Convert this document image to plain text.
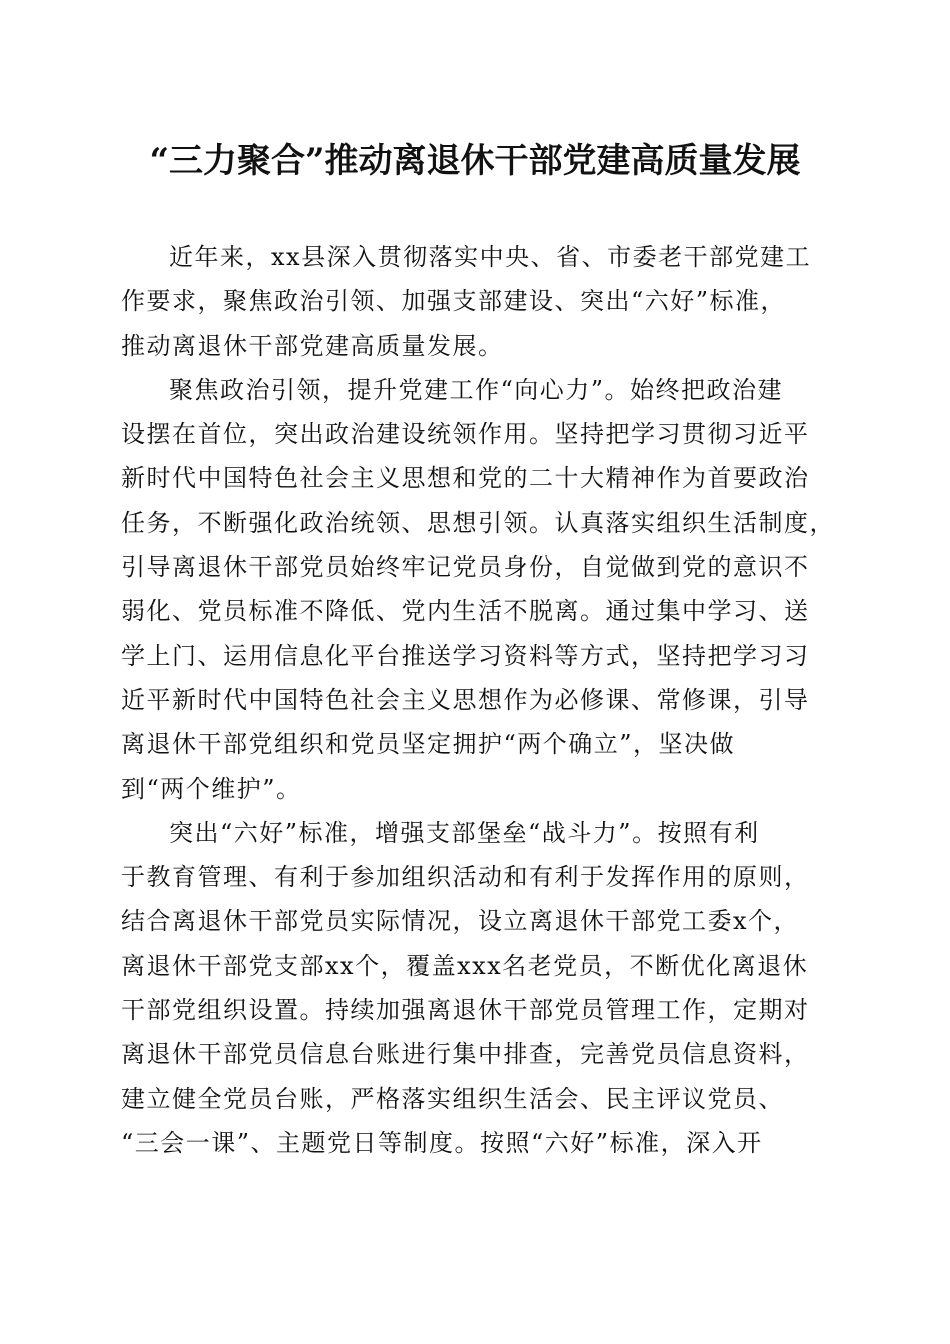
“三力聚合”推动离退休干部党建高质量发展
近年来，xx县深入贯彻落实中央、省、市委老干部党建工
作要求，聚焦政治引领、加强支部建设、突出“六好”标准，
推动离退休干部党建高质量发展。
聚焦政治引领，提升党建工作“向心力”。始终把政治建
设摆在首位，突出政治建设统领作用。坚持把学习贯彻习近平
新时代中国特色社会主义思想和党的二十大精神作为首要政治
任务，不断强化政治统领、思想引领。认真落实组织生活制度，
引导离退休干部党员始终牢记党员身份，自觉做到党的意识不
弱化、党员标准不降低、党内生活不脱离。通过集中学习、送
学上门、运用信息化平台推送学习资料等方式，坚持把学习习
近平新时代中国特色社会主义思想作为必修课、常修课，引导
离退休干部党组织和党员坚定拥护“两个确立”，坚决做
到“两个维护”。
突出“六好”标准，增强支部堡垒“战斗力”。按照有利
于教育管理、有利于参加组织活动和有利于发挥作用的原则，
结合离退休干部党员实际情况，设立离退休干部党工委x个，
离退休干部党支部xx个，覆盖xxx名老党员，不断优化离退休
干部党组织设置。持续加强离退休干部党员管理工作，定期对
离退休干部党员信息台账进行集中排查，完善党员信息资料，
建立健全党员台账，严格落实组织生活会、民主评议党员、
“三会一课”、主题党日等制度。按照“六好”标准，深入开
